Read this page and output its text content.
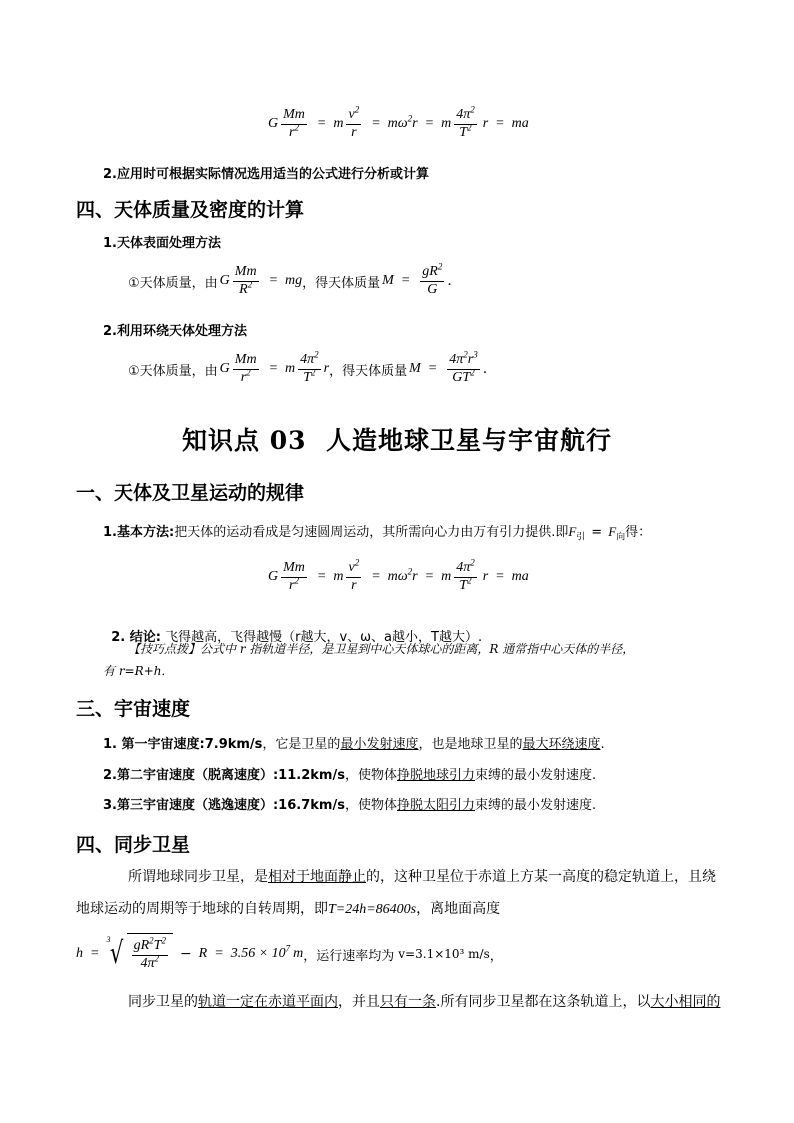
G $\frac{Mm}{r^2} = m \frac{v^2}{r} = m\omega^2r = m \frac{4\pi^2}{T^2}$ r = ma
2.应用时可根据实际情况选用适当的公式进行分析或计算
四、天体质量及密度的计算
1.天体表面处理方法
①天体质量，由 G $\frac{Mm}{R^2}$ = mg ，得天体质量 $M = \frac{gR^2}{G}$ .
2.利用环绕天体处理方法
①天体质量，由 G $\frac{Mm}{r^2} = m \frac{4\pi^2}{T^2}$ r ，得天体质量 $M = \frac{4\pi^2r^3}{GT^2}$ .
知识点 03  人造地球卫星与宇宙航行
一、天体及卫星运动的规律
1.基本方法:把天体的运动看成是匀速圆周运动，其所需向心力由万有引力提供.即$F_引 = F_向$得：
G $\frac{Mm}{r^2} = m \frac{v^2}{r} = m\omega^2r = m \frac{4\pi^2}{T^2}$ r = ma

2. 结论: 飞得越高，飞得越慢（r越大，v、ω、a越小，T越大）.

【技巧点拨】公式中 r 指轨道半径，是卫星到中心天体球心的距离，R 通常指中心天体的半径，
有 r=R+h．
三、宇宙速度
1. 第一宇宙速度:7.9km/s，它是卫星的最小发射速度，也是地球卫星的最大环绕速度.
2.第二宇宙速度（脱离速度）:11.2km/s，使物体挣脱地球引力束缚的最小发射速度.
3.第三宇宙速度（逃逸速度）:16.7km/s，使物体挣脱太阳引力束缚的最小发射速度.
四、同步卫星
所谓地球同步卫星，是相对于地面静止的，这种卫星位于赤道上方某一高度的稳定轨道上，且绕
地球运动的周期等于地球的自转周期，即T=24h=86400s，离地面高度
h =
3 √ $\frac{gR^2T^2}{4\pi^2} - R = 3.56 \times 10^7$ m ，运行速率均为 v=3.1×10³ m/s ，
同步卫星的轨道一定在赤道平面内，并且只有一条.所有同步卫星都在这条轨道上，以大小相同的
